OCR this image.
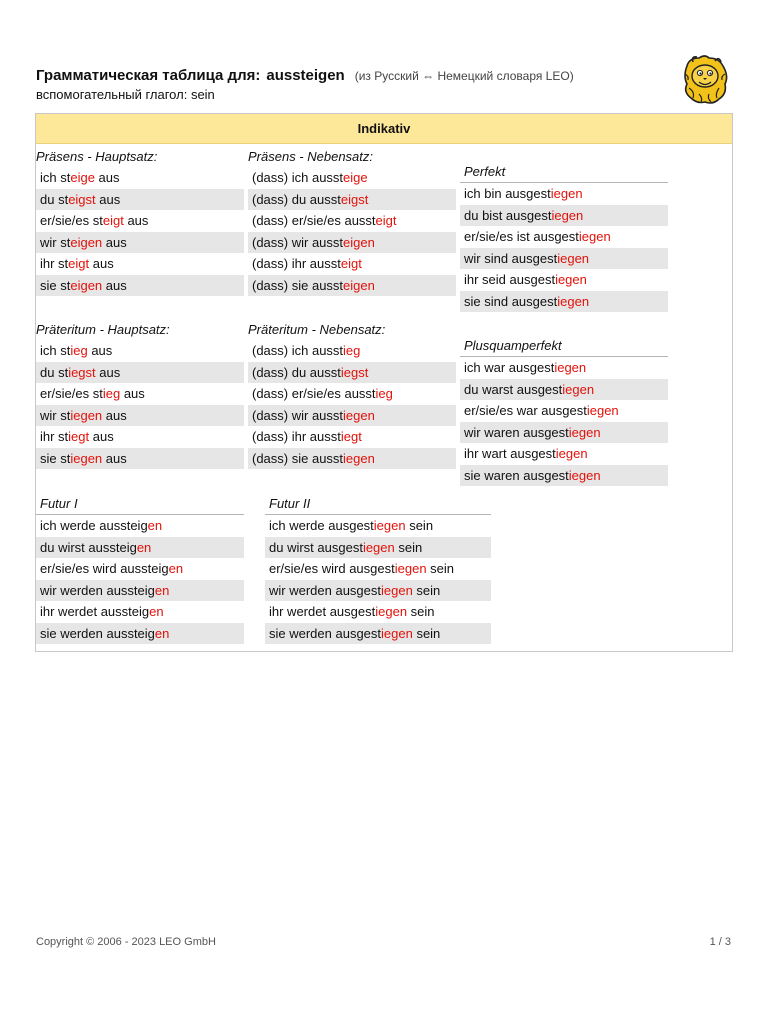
Грамматическая таблица для: aussteigen (из Русский ⇔ Немецкий словаря LEO)
вспомогательный глагол: sein
Indikativ
Präsens - Hauptsatz:
ich steige aus
du steigst aus
er/sie/es steigt aus
wir steigen aus
ihr steigt aus
sie steigen aus
Präsens - Nebensatz:
(dass) ich aussteige
(dass) du aussteigst
(dass) er/sie/es aussteigt
(dass) wir aussteigen
(dass) ihr aussteigt
(dass) sie aussteigen
Perfekt
ich bin ausgestiegen
du bist ausgestiegen
er/sie/es ist ausgestiegen
wir sind ausgestiegen
ihr seid ausgestiegen
sie sind ausgestiegen
Präteritum - Hauptsatz:
ich stieg aus
du stiegst aus
er/sie/es stieg aus
wir stiegen aus
ihr stiegt aus
sie stiegen aus
Präteritum - Nebensatz:
(dass) ich ausstieg
(dass) du ausstiegst
(dass) er/sie/es ausstieg
(dass) wir ausstiegen
(dass) ihr ausstiegt
(dass) sie ausstiegen
Plusquamperfekt
ich war ausgestiegen
du warst ausgestiegen
er/sie/es war ausgestiegen
wir waren ausgestiegen
ihr wart ausgestiegen
sie waren ausgestiegen
Futur I
ich werde aussteigen
du wirst aussteigen
er/sie/es wird aussteigen
wir werden aussteigen
ihr werdet aussteigen
sie werden aussteigen
Futur II
ich werde ausgestiegen sein
du wirst ausgestiegen sein
er/sie/es wird ausgestiegen sein
wir werden ausgestiegen sein
ihr werdet ausgestiegen sein
sie werden ausgestiegen sein
Copyright © 2006 - 2023 LEO GmbH	1 / 3
